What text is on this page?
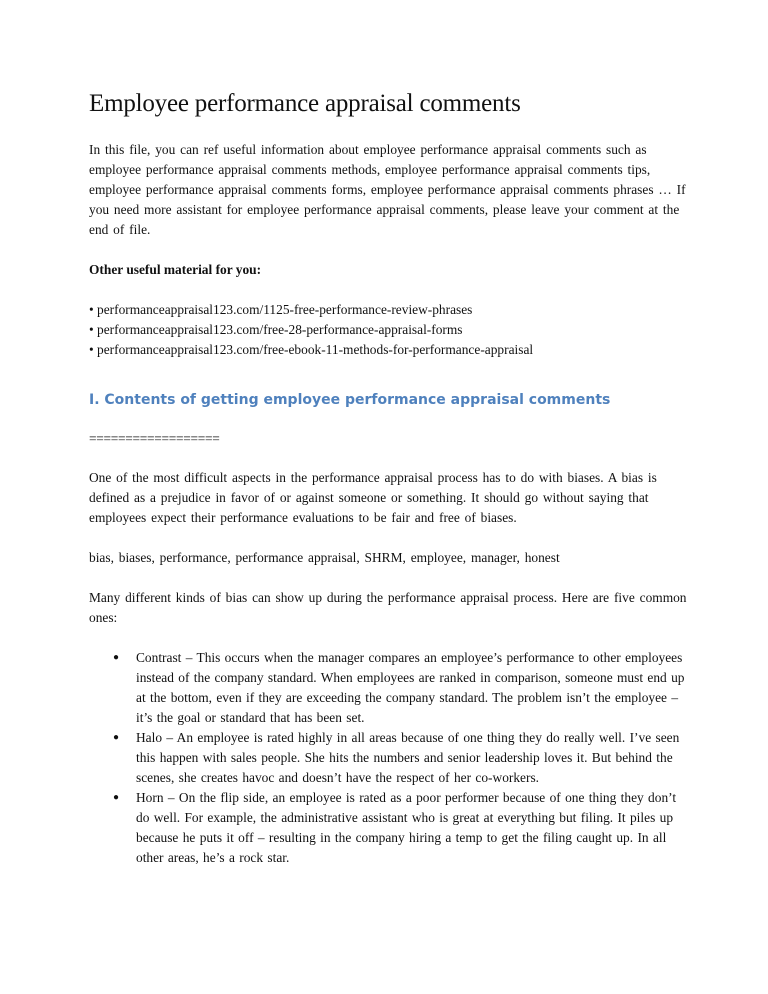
Employee performance appraisal comments

In this file, you can ref useful information about employee performance appraisal comments such as employee performance appraisal comments methods, employee performance appraisal comments tips, employee performance appraisal comments forms, employee performance appraisal comments phrases … If you need more assistant for employee performance appraisal comments, please leave your comment at the end of file.

Other useful material for you:

• performanceappraisal123.com/1125-free-performance-review-phrases
• performanceappraisal123.com/free-28-performance-appraisal-forms
• performanceappraisal123.com/free-ebook-11-methods-for-performance-appraisal
I. Contents of getting employee performance appraisal comments
==================

One of the most difficult aspects in the performance appraisal process has to do with biases. A bias is defined as a prejudice in favor of or against someone or something. It should go without saying that employees expect their performance evaluations to be fair and free of biases.

bias, biases, performance, performance appraisal, SHRM, employee, manager, honest

Many different kinds of bias can show up during the performance appraisal process. Here are five common ones:

● Contrast – This occurs when the manager compares an employee’s performance to other employees instead of the company standard. When employees are ranked in comparison, someone must end up at the bottom, even if they are exceeding the company standard. The problem isn’t the employee – it’s the goal or standard that has been set.
● Halo – An employee is rated highly in all areas because of one thing they do really well. I’ve seen this happen with sales people. She hits the numbers and senior leadership loves it. But behind the scenes, she creates havoc and doesn’t have the respect of her co-workers.
● Horn – On the flip side, an employee is rated as a poor performer because of one thing they don’t do well. For example, the administrative assistant who is great at everything but filing. It piles up because he puts it off – resulting in the company hiring a temp to get the filing caught up. In all other areas, he’s a rock star.
